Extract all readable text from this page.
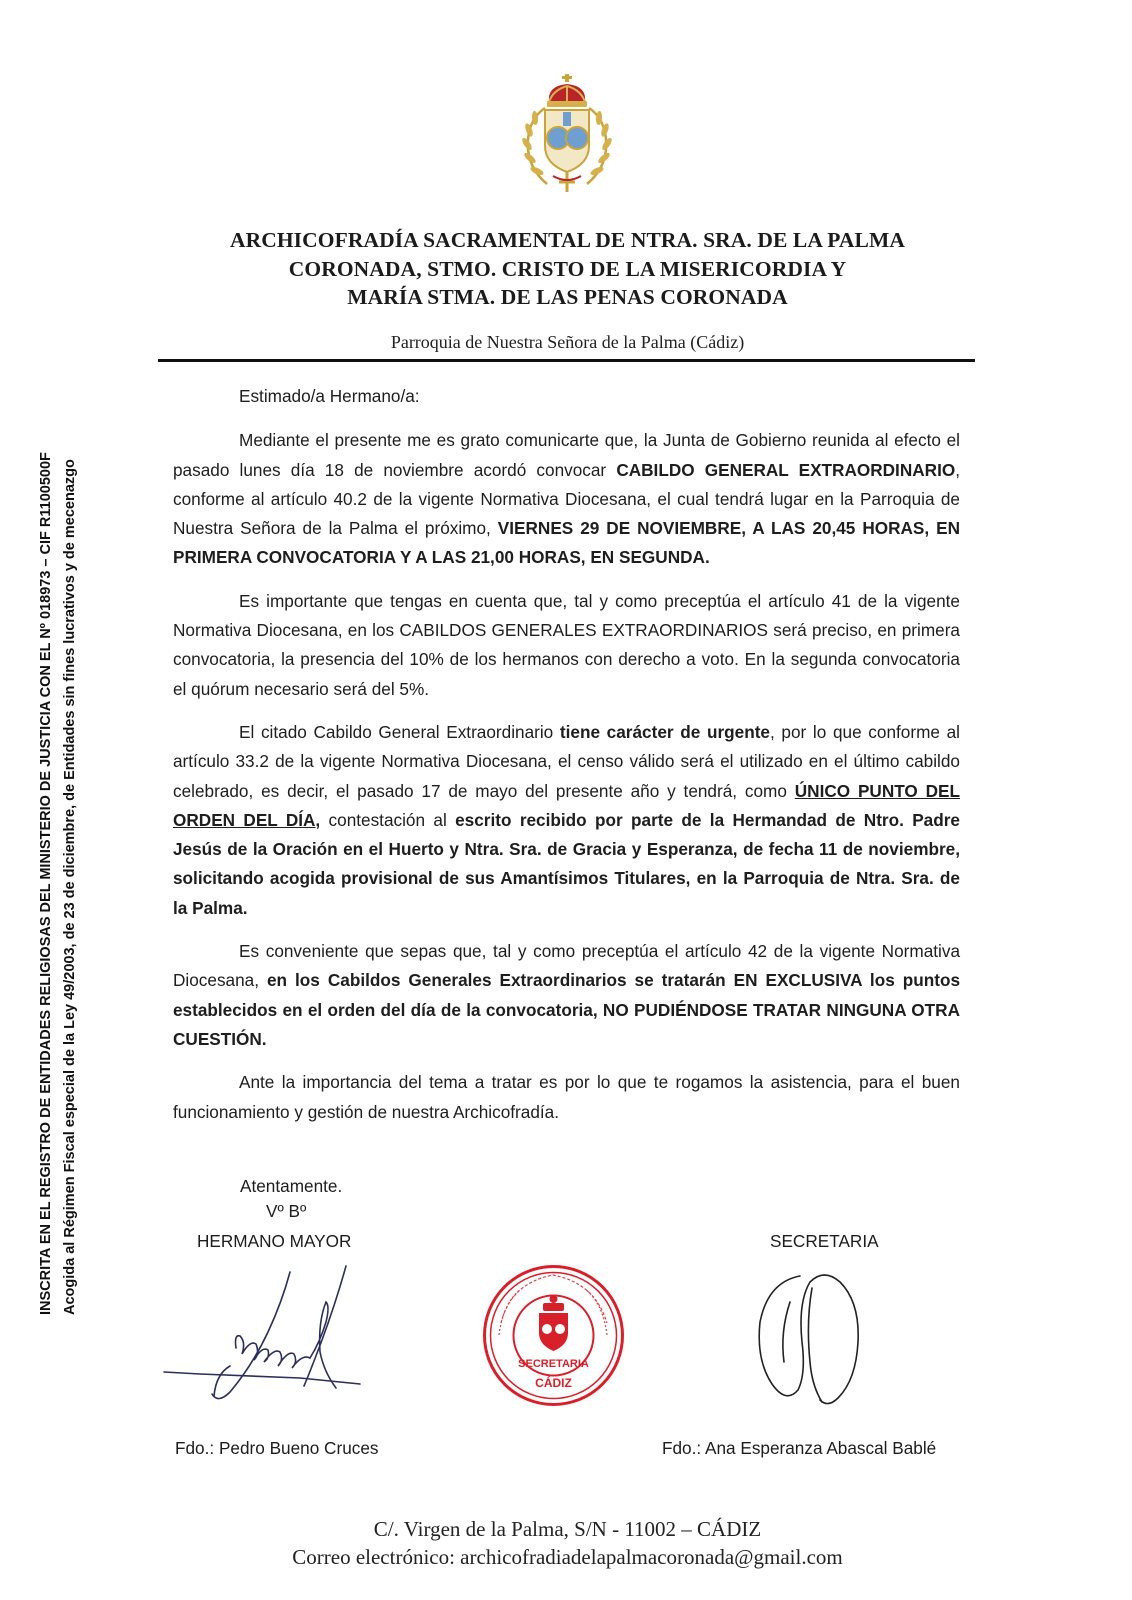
ARCHICOFRADÍA SACRAMENTAL DE NTRA. SRA. DE LA PALMA
CORONADA, STMO. CRISTO DE LA MISERICORDIA Y
MARÍA STMA. DE LAS PENAS CORONADA
Parroquia de Nuestra Señora de la Palma (Cádiz)
INSCRITA EN EL REGISTRO DE ENTIDADES RELIGIOSAS DEL MINISTERIO DE JUSTICIA CON EL Nº 018973 – CIF R1100500F Acogida al Régimen Fiscal especial de la Ley 49/2003, de 23 de diciembre, de Entidades sin fines lucrativos y de mecenazgo

Estimado/a Hermano/a:

Mediante el presente me es grato comunicarte que, la Junta de Gobierno reunida al efecto el pasado lunes día 18 de noviembre acordó convocar CABILDO GENERAL EXTRAORDINARIO, conforme al artículo 40.2 de la vigente Normativa Diocesana, el cual tendrá lugar en la Parroquia de Nuestra Señora de la Palma el próximo, VIERNES 29 DE NOVIEMBRE, A LAS 20,45 HORAS, EN PRIMERA CONVOCATORIA Y A LAS 21,00 HORAS, EN SEGUNDA.

Es importante que tengas en cuenta que, tal y como preceptúa el artículo 41 de la vigente Normativa Diocesana, en los CABILDOS GENERALES EXTRAORDINARIOS será preciso, en primera convocatoria, la presencia del 10% de los hermanos con derecho a voto. En la segunda convocatoria el quórum necesario será del 5%.

El citado Cabildo General Extraordinario tiene carácter de urgente, por lo que conforme al artículo 33.2 de la vigente Normativa Diocesana, el censo válido será el utilizado en el último cabildo celebrado, es decir, el pasado 17 de mayo del presente año y tendrá, como ÚNICO PUNTO DEL ORDEN DEL DÍA, contestación al escrito recibido por parte de la Hermandad de Ntro. Padre Jesús de la Oración en el Huerto y Ntra. Sra. de Gracia y Esperanza, de fecha 11 de noviembre, solicitando acogida provisional de sus Amantísimos Titulares, en la Parroquia de Ntra. Sra. de la Palma.

Es conveniente que sepas que, tal y como preceptúa el artículo 42 de la vigente Normativa Diocesana, en los Cabildos Generales Extraordinarios se tratarán EN EXCLUSIVA los puntos establecidos en el orden del día de la convocatoria, NO PUDIÉNDOSE TRATAR NINGUNA OTRA CUESTIÓN.

Ante la importancia del tema a tratar es por lo que te rogamos la asistencia, para el buen funcionamiento y gestión de nuestra Archicofradía.

Atentamente.
Vº Bº
HERMANO MAYOR	SECRETARIA
SECRETARIA
CÁDIZ
Fdo.: Pedro Bueno Cruces	Fdo.: Ana Esperanza Abascal Bablé
C/. Virgen de la Palma, S/N - 11002 – CÁDIZ
Correo electrónico: archicofradiadelapalmacoronada@gmail.com
